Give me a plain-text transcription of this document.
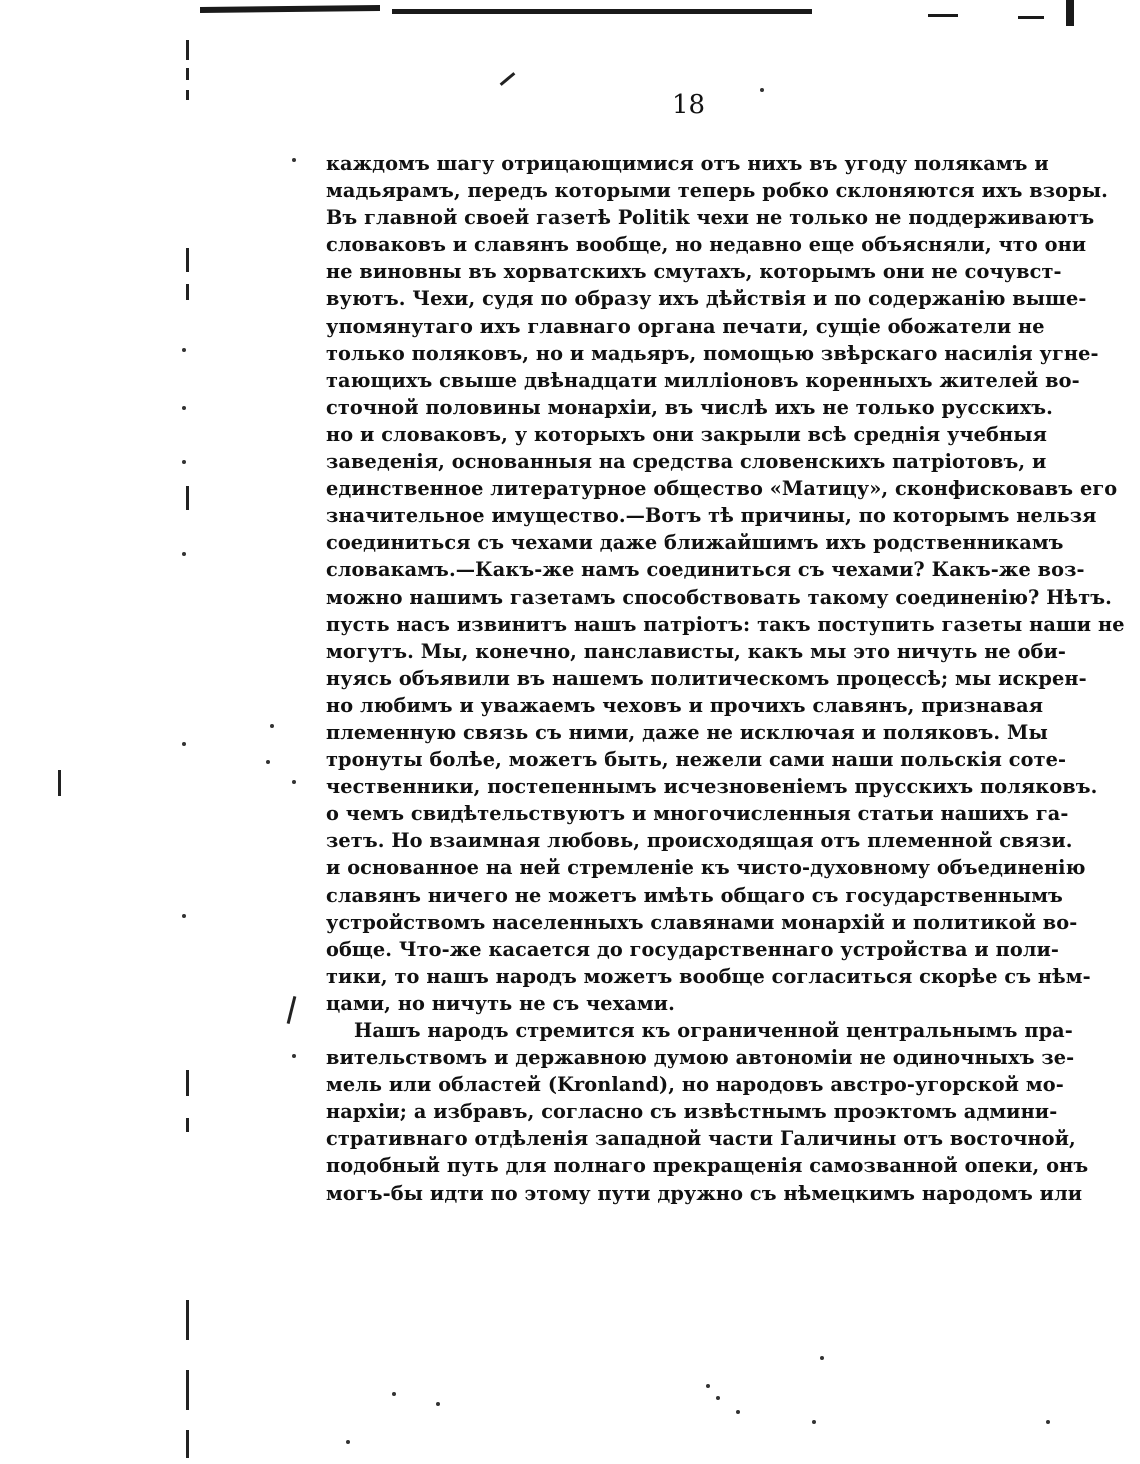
18
каждомъ шагу отрицающимися отъ нихъ въ угоду полякамъ и
мадьярамъ, передъ которыми теперь робко склоняются ихъ взоры.
Въ главной своей газетѣ Politik чехи не только не поддерживаютъ
словаковъ и славянъ вообще, но недавно еще объясняли, что они
не виновны въ хорватскихъ смутахъ, которымъ они не сочувст-
вуютъ. Чехи, судя по образу ихъ дѣйствія и по содержанію выше-
упомянутаго ихъ главнаго органа печати, сущіе обожатели не
только поляковъ, но и мадьяръ, помощью звѣрскаго насилія угне-
тающихъ свыше двѣнадцати милліоновъ коренныхъ жителей во-
сточной половины монархіи, въ числѣ ихъ не только русскихъ.
но и словаковъ, у которыхъ они закрыли всѣ среднія учебныя
заведенія, основанныя на средства словенскихъ патріотовъ, и
единственное литературное общество «Матицу», сконфисковавъ его
значительное имущество.—Вотъ тѣ причины, по которымъ нельзя
соединиться съ чехами даже ближайшимъ ихъ родственникамъ
словакамъ.—Какъ-же намъ соединиться съ чехами? Какъ-же воз-
можно нашимъ газетамъ способствовать такому соединенію? Нѣтъ.
пусть насъ извинитъ нашъ патріотъ: такъ поступить газеты наши не
могутъ. Мы, конечно, панслависты, какъ мы это ничуть не оби-
нуясь объявили въ нашемъ политическомъ процессѣ; мы искрен-
но любимъ и уважаемъ чеховъ и прочихъ славянъ, признавая
племенную связь съ ними, даже не исключая и поляковъ. Мы
тронуты болѣе, можетъ быть, нежели сами наши польскія соте-
чественники, постепеннымъ исчезновеніемъ прусскихъ поляковъ.
о чемъ свидѣтельствуютъ и многочисленныя статьи нашихъ га-
зетъ. Но взаимная любовь, происходящая отъ племенной связи.
и основанное на ней стремленіе къ чисто-духовному объединенію
славянъ ничего не можетъ имѣть общаго съ государственнымъ
устройствомъ населенныхъ славянами монархій и политикой во-
обще. Что-же касается до государственнаго устройства и поли-
тики, то нашъ народъ можетъ вообще согласиться скорѣе съ нѣм-
цами, но ничуть не съ чехами.
Нашъ народъ стремится къ ограниченной центральнымъ пра-
вительствомъ и державною думою автономіи не одиночныхъ зе-
мель или областей (Kronland), но народовъ австро-угорской мо-
нархіи; а избравъ, согласно съ извѣстнымъ проэктомъ админи-
стративнаго отдѣленія западной части Галичины отъ восточной,
подобный путь для полнаго прекращенія самозванной опеки, онъ
могъ-бы идти по этому пути дружно съ нѣмецкимъ народомъ или
